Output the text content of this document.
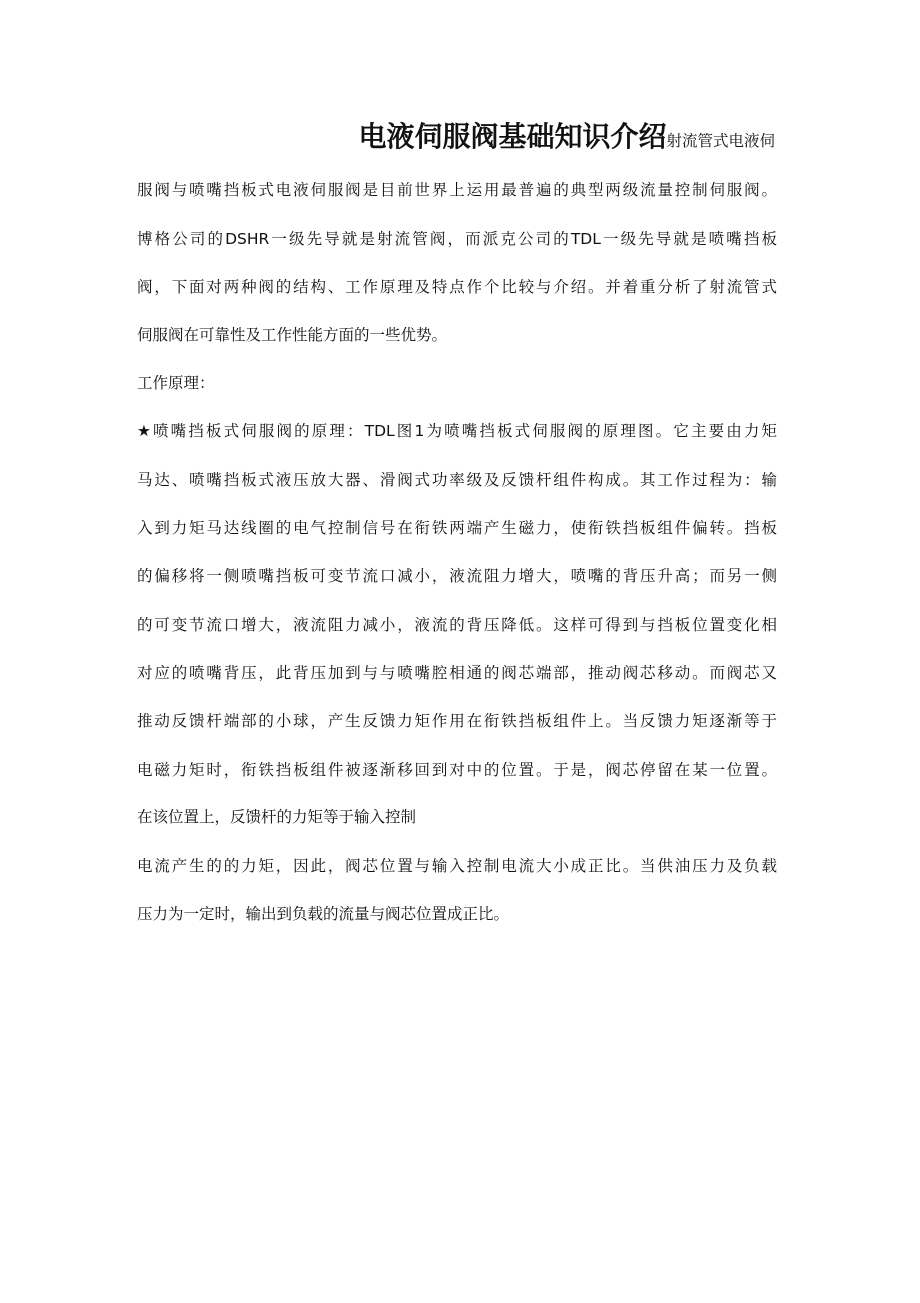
电液伺服阀基础知识介绍射流管式电液伺
服阀与喷嘴挡板式电液伺服阀是目前世界上运用最普遍的典型两级流量控制伺服阀。
博格公司的DSHR一级先导就是射流管阀，而派克公司的TDL一级先导就是喷嘴挡板
阀，下面对两种阀的结构、工作原理及特点作个比较与介绍。并着重分析了射流管式
伺服阀在可靠性及工作性能方面的一些优势。
工作原理：
★喷嘴挡板式伺服阀的原理：TDL图1为喷嘴挡板式伺服阀的原理图。它主要由力矩
马达、喷嘴挡板式液压放大器、滑阀式功率级及反馈杆组件构成。其工作过程为：输
入到力矩马达线圈的电气控制信号在衔铁两端产生磁力，使衔铁挡板组件偏转。挡板
的偏移将一侧喷嘴挡板可变节流口减小，液流阻力增大，喷嘴的背压升高；而另一侧
的可变节流口增大，液流阻力减小，液流的背压降低。这样可得到与挡板位置变化相
对应的喷嘴背压，此背压加到与与喷嘴腔相通的阀芯端部，推动阀芯移动。而阀芯又
推动反馈杆端部的小球，产生反馈力矩作用在衔铁挡板组件上。当反馈力矩逐渐等于
电磁力矩时，衔铁挡板组件被逐渐移回到对中的位置。于是，阀芯停留在某一位置。
在该位置上，反馈杆的力矩等于输入控制
电流产生的的力矩，因此，阀芯位置与输入控制电流大小成正比。当供油压力及负载
压力为一定时，输出到负载的流量与阀芯位置成正比。
